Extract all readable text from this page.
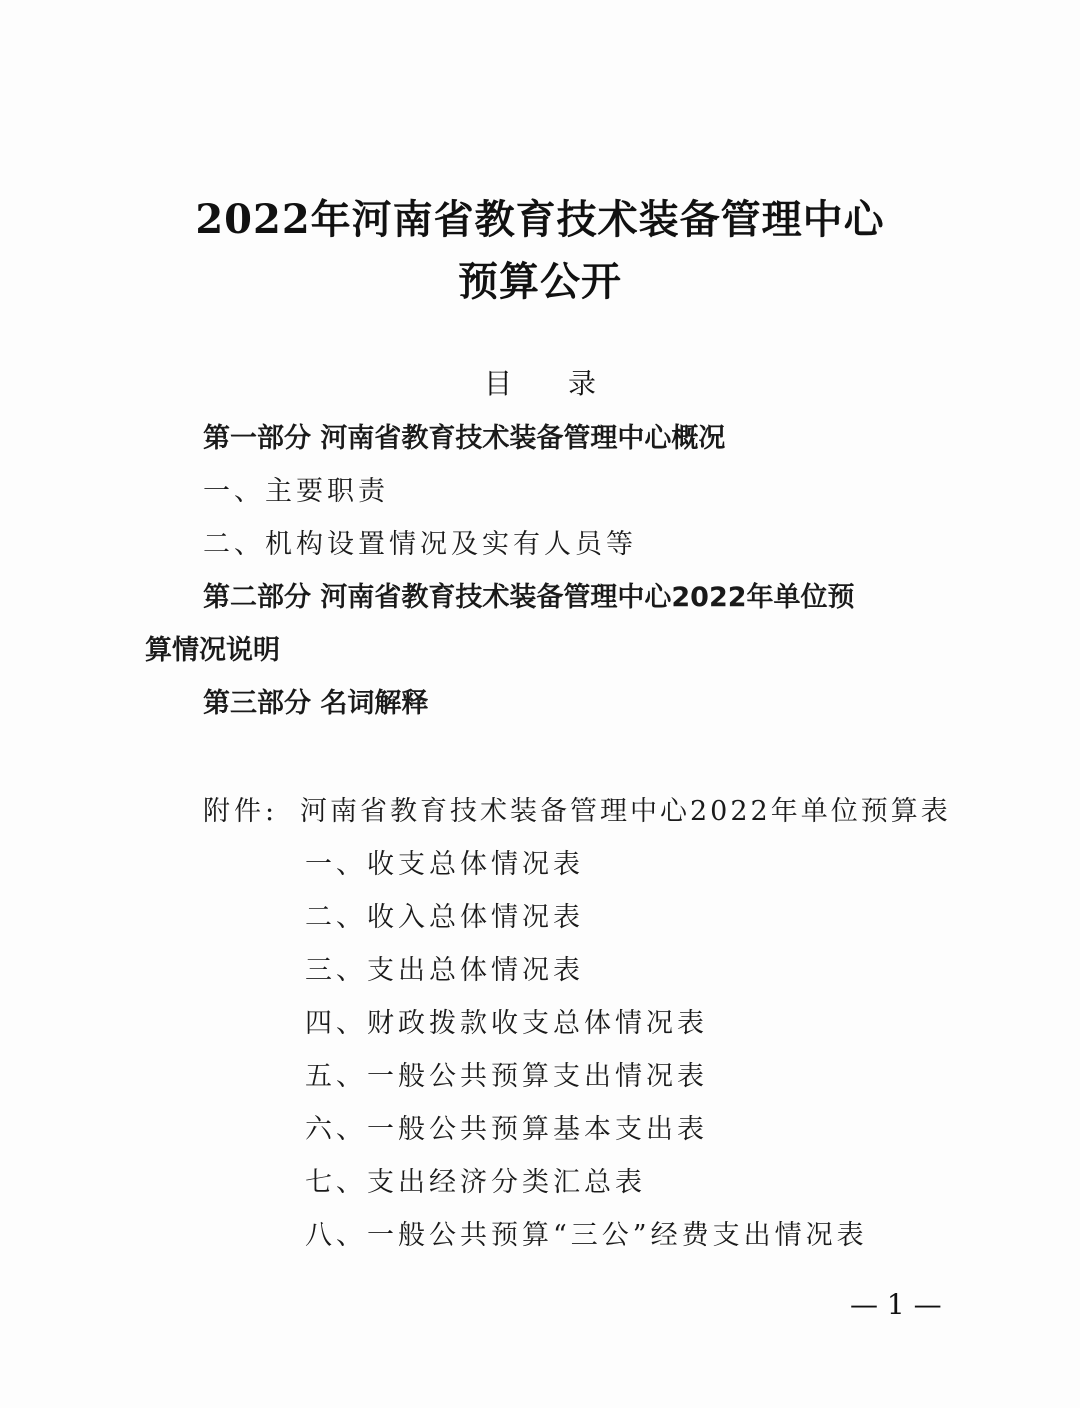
2022年河南省教育技术装备管理中心
预算公开
目 录
第一部分 河南省教育技术装备管理中心概况
一、主要职责
二、机构设置情况及实有人员等
第二部分 河南省教育技术装备管理中心2022年单位预
算情况说明
第三部分 名词解释
附件: 河南省教育技术装备管理中心2022年单位预算表
一、收支总体情况表
二、收入总体情况表
三、支出总体情况表
四、财政拨款收支总体情况表
五、一般公共预算支出情况表
六、一般公共预算基本支出表
七、支出经济分类汇总表
八、一般公共预算“三公”经费支出情况表
— 1 —
